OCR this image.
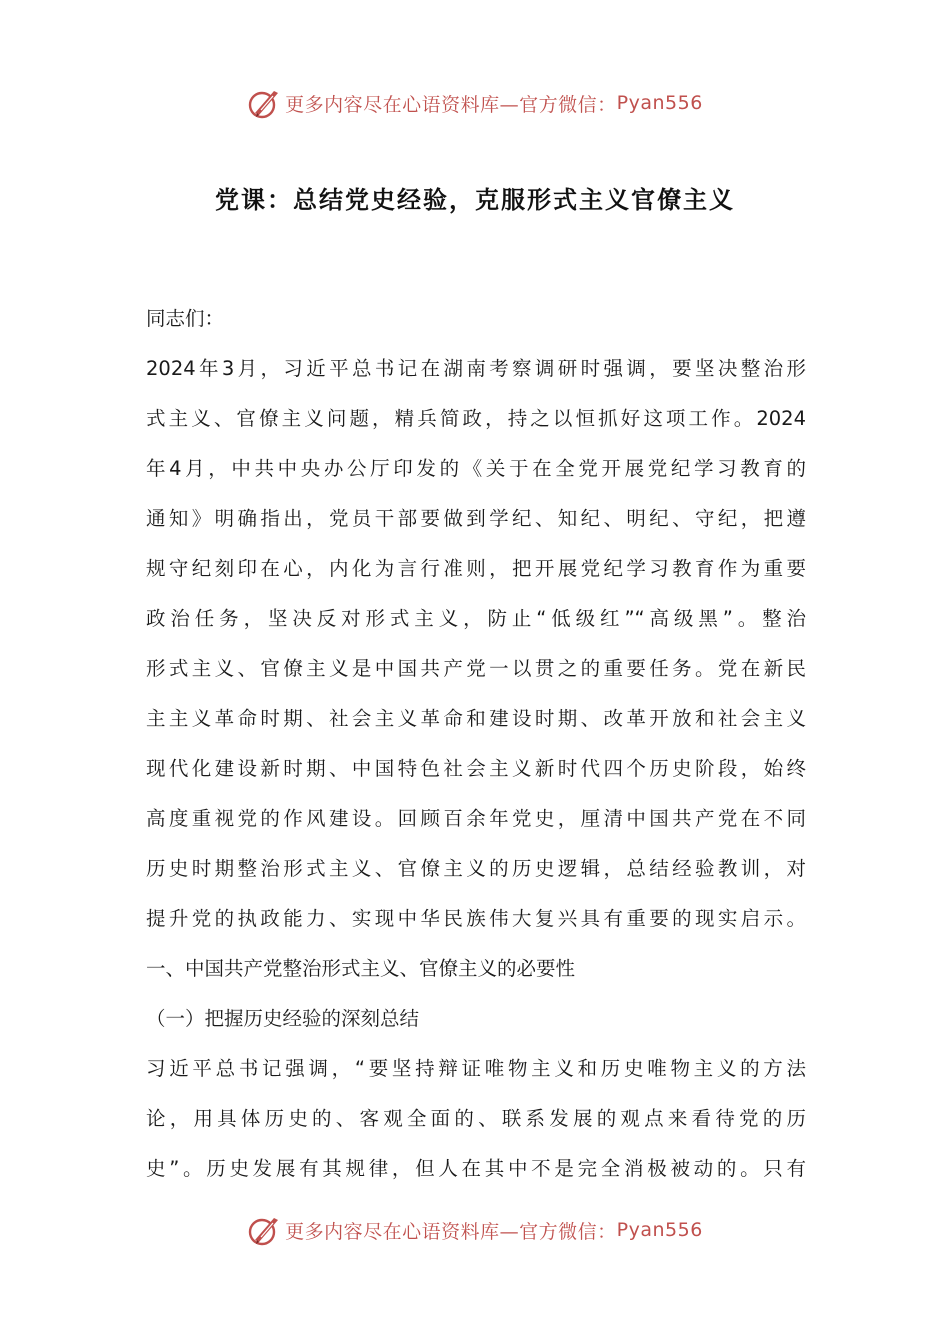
更多内容尽在心语资料库—官方微信： Pyan556
党课：总结党史经验，克服形式主义官僚主义
同志们：
2024年3月，习近平总书记在湖南考察调研时强调，要坚决整治形
式主义、官僚主义问题，精兵简政，持之以恒抓好这项工作。2024
年4月，中共中央办公厅印发的《关于在全党开展党纪学习教育的
通知》明确指出，党员干部要做到学纪、知纪、明纪、守纪，把遵
规守纪刻印在心，内化为言行准则，把开展党纪学习教育作为重要
政治任务，坚决反对形式主义，防止“低级红”“高级黑”。整治
形式主义、官僚主义是中国共产党一以贯之的重要任务。党在新民
主主义革命时期、社会主义革命和建设时期、改革开放和社会主义
现代化建设新时期、中国特色社会主义新时代四个历史阶段，始终
高度重视党的作风建设。回顾百余年党史，厘清中国共产党在不同
历史时期整治形式主义、官僚主义的历史逻辑，总结经验教训，对
提升党的执政能力、实现中华民族伟大复兴具有重要的现实启示。
一、中国共产党整治形式主义、官僚主义的必要性
（一）把握历史经验的深刻总结
习近平总书记强调，“要坚持辩证唯物主义和历史唯物主义的方法
论，用具体历史的、客观全面的、联系发展的观点来看待党的历
史”。历史发展有其规律，但人在其中不是完全消极被动的。只有
更多内容尽在心语资料库—官方微信： Pyan556
